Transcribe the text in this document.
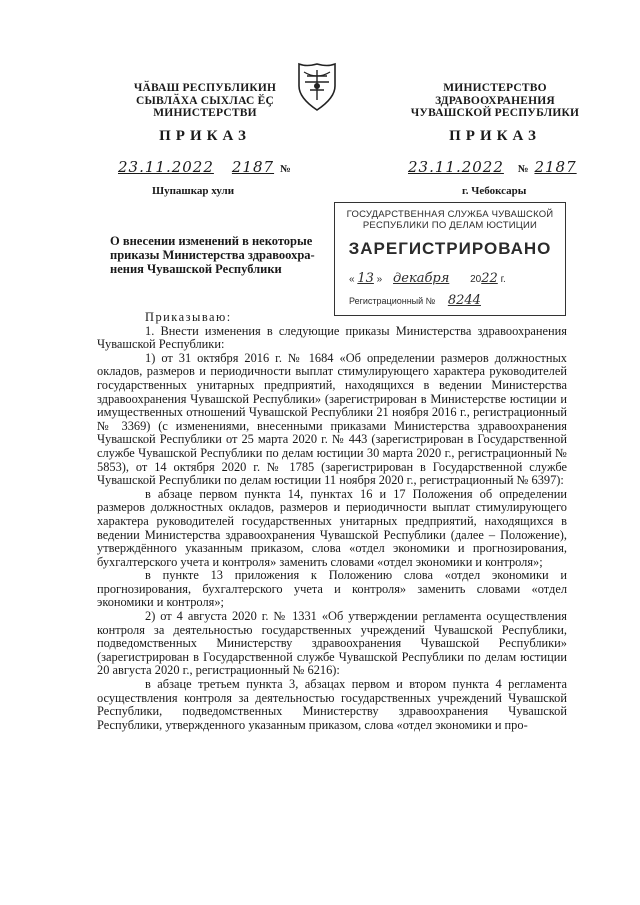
ЧӐВАШ РЕСПУБЛИКИН
СЫВЛӐХА СЫХЛАС ӖҪ
МИНИСТЕРСТВИ
ПРИКАЗ
23.11.2022 2187 №
Шупашкар хули
МИНИСТЕРСТВО
ЗДРАВООХРАНЕНИЯ
ЧУВАШСКОЙ РЕСПУБЛИКИ
ПРИКАЗ
23.11.2022 № 2187
г. Чебоксары
ГОСУДАРСТВЕННАЯ СЛУЖБА ЧУВАШСКОЙ
РЕСПУБЛИКИ ПО ДЕЛАМ ЮСТИЦИИ
ЗАРЕГИСТРИРОВАНО
« 13 » декабря 2022 г.
Регистрационный № 8244
О внесении изменений в некоторые
приказы Министерства здравоохра-
нения Чувашской Республики

Приказываю:

1. Внести изменения в следующие приказы Министерства здравоохранения Чувашской Республики:

1) от 31 октября 2016 г. № 1684 «Об определении размеров должностных окладов, размеров и периодичности выплат стимулирующего характера руководителей государственных унитарных предприятий, находящихся в ведении Министерства здравоохранения Чувашской Республики» (зарегистрирован в Министерстве юстиции и имущественных отношений Чувашской Республики 21 ноября 2016 г., регистрационный № 3369) (с изменениями, внесенными приказами Министерства здравоохранения Чувашской Республики от 25 марта 2020 г. № 443 (зарегистрирован в Государственной службе Чувашской Республики по делам юстиции 30 марта 2020 г., регистрационный № 5853), от 14 октября 2020 г. № 1785 (зарегистрирован в Государственной службе Чувашской Республики по делам юстиции 11 ноября 2020 г., регистрационный № 6397):

в абзаце первом пункта 14, пунктах 16 и 17 Положения об определении размеров должностных окладов, размеров и периодичности выплат стимулирующего характера руководителей государственных унитарных предприятий, находящихся в ведении Министерства здравоохранения Чувашской Республики (далее – Положение), утверждённого указанным приказом, слова «отдел экономики и прогнозирования, бухгалтерского учета и контроля» заменить словами «отдел экономики и контроля»;

в пункте 13 приложения к Положению слова «отдел экономики и прогнозирования, бухгалтерского учета и контроля» заменить словами «отдел экономики и контроля»;

2) от 4 августа 2020 г. № 1331 «Об утверждении регламента осуществления контроля за деятельностью государственных учреждений Чувашской Республики, подведомственных Министерству здравоохранения Чувашской Республики» (зарегистрирован в Государственной службе Чувашской Республики по делам юстиции 20 августа 2020 г., регистрационный № 6216):

в абзаце третьем пункта 3, абзацах первом и втором пункта 4 регламента осуществления контроля за деятельностью государственных учреждений Чувашской Республики, подведомственных Министерству здравоохранения Чувашской Республики, утвержденного указанным приказом, слова «отдел экономики и про-
